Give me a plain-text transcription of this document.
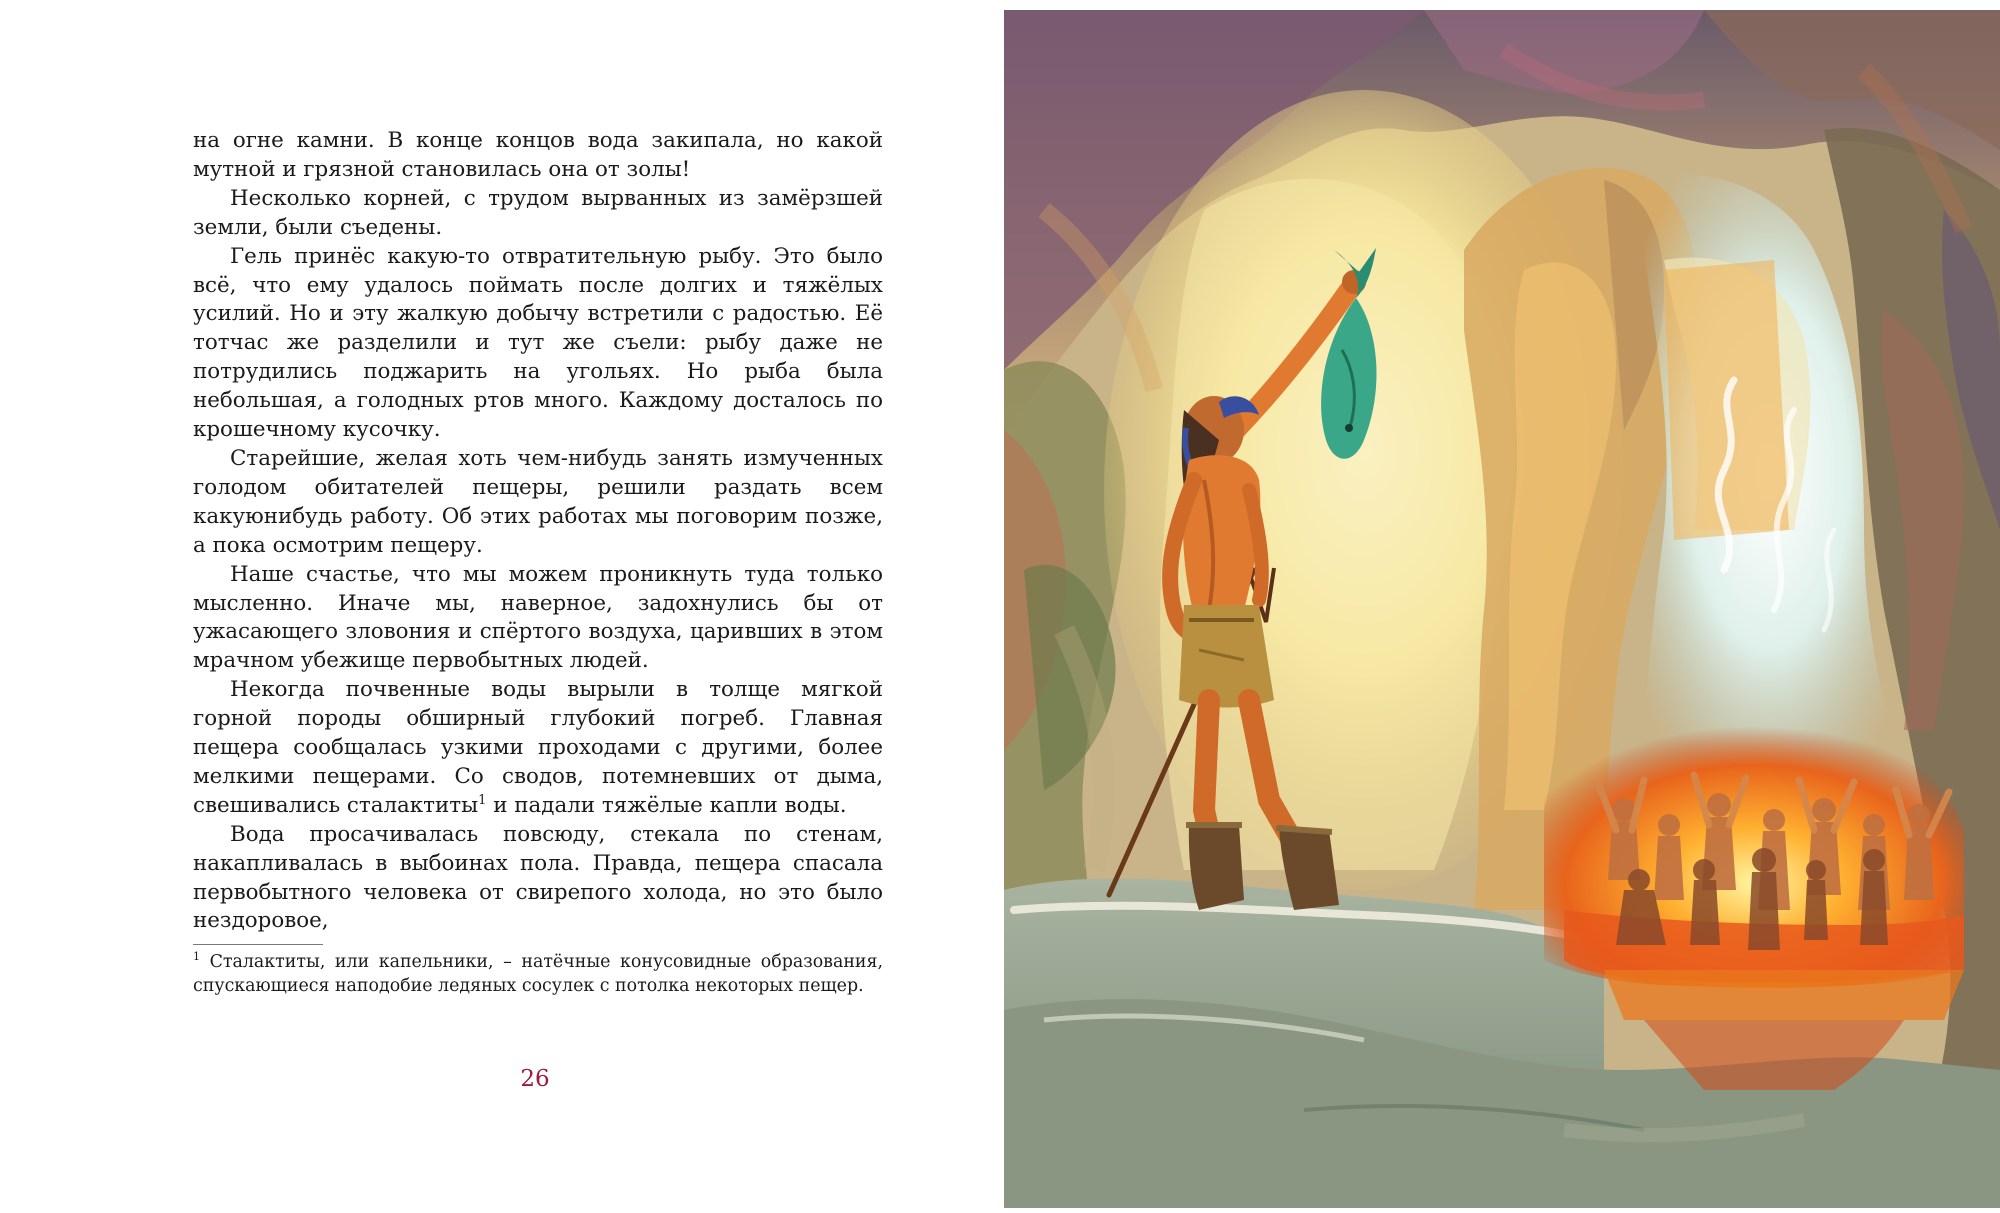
на огне камни. В конце концов вода закипала, но какой мутной и грязной становилась она от золы!

Несколько корней, с трудом вырванных из замёрзшей земли, были съедены.

Гель принёс какую-то отвратительную рыбу. Это было всё, что ему удалось поймать после долгих и тяжёлых усилий. Но и эту жалкую добычу встретили с радостью. Её тотчас же разделили и тут же съели: рыбу даже не потрудились поджарить на угольях. Но рыба была небольшая, а голодных ртов много. Каждому досталось по крошечному кусочку.

Старейшие, желая хоть чем-нибудь занять измученных голодом обитателей пещеры, решили раздать всем какуюнибудь работу. Об этих работах мы поговорим позже, а пока осмотрим пещеру.

Наше счастье, что мы можем проникнуть туда только мысленно. Иначе мы, наверное, задохнулись бы от ужасающего зловония и спёртого воздуха, царивших в этом мрачном убежище первобытных людей.

Некогда почвенные воды вырыли в толще мягкой горной породы обширный глубокий погреб. Главная пещера сообщалась узкими проходами с другими, более мелкими пещерами. Со сводов, потемневших от дыма, свешивались сталактиты$^1$ и падали тяжёлые капли воды.

Вода просачивалась повсюду, стекала по стенам, накапливалась в выбоинах пола. Правда, пещера спасала первобытного человека от свирепого холода, но это было нездоровое,

$^1$ Сталактиты, или капельники, – натёчные конусовидные образования, спускающиеся наподобие ледяных сосулек с потолка некоторых пещер.

26
